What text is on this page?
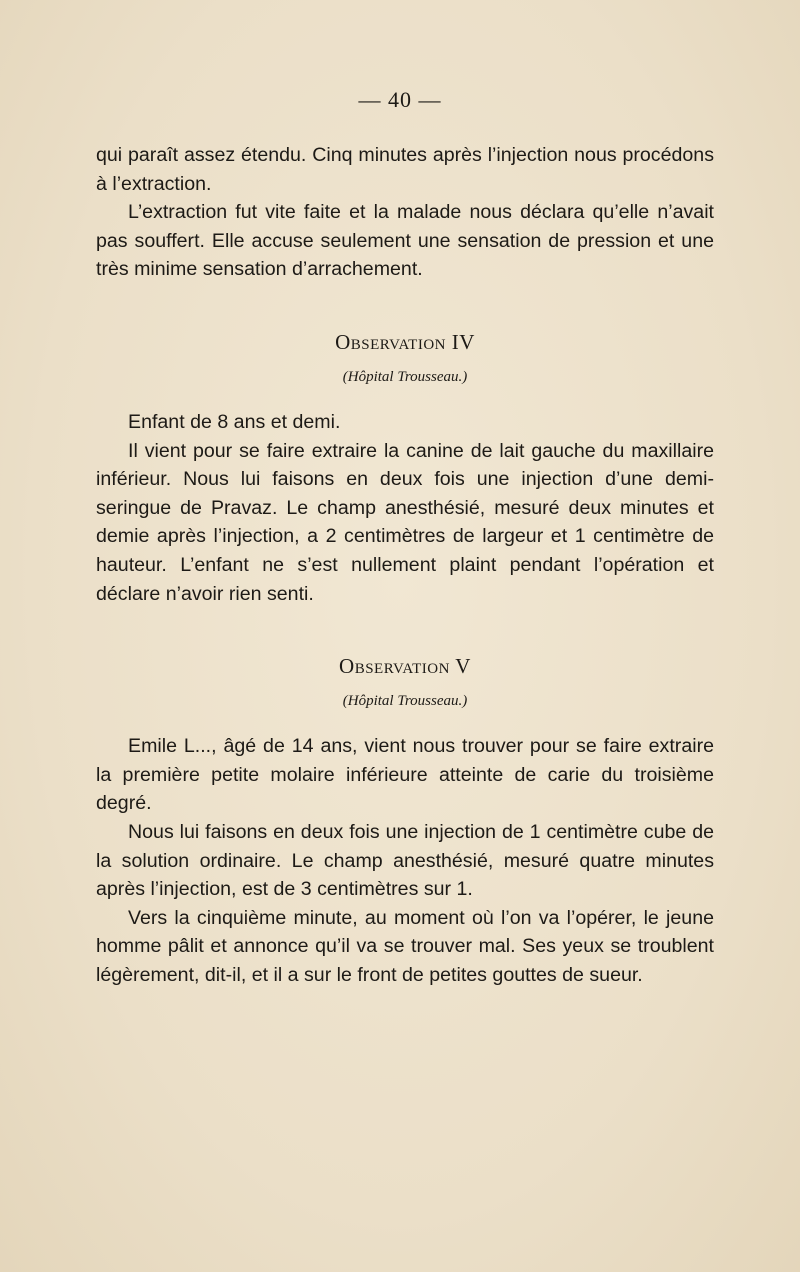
— 40 —

qui paraît assez étendu. Cinq minutes après l’injection nous procédons à l’extraction.

L’extraction fut vite faite et la malade nous déclara qu’elle n’avait pas souffert. Elle accuse seulement une sensation de pression et une très minime sensation d’arrachement.

Observation IV
(Hôpital Trousseau.)

Enfant de 8 ans et demi.

Il vient pour se faire extraire la canine de lait gauche du maxillaire inférieur. Nous lui faisons en deux fois une injection d’une demi-seringue de Pravaz. Le champ anesthésié, mesuré deux minutes et demie après l’injection, a 2 centimètres de largeur et 1 centimètre de hauteur. L’enfant ne s’est nullement plaint pendant l’opération et déclare n’avoir rien senti.

Observation V
(Hôpital Trousseau.)

Emile L..., âgé de 14 ans, vient nous trouver pour se faire extraire la première petite molaire inférieure atteinte de carie du troisième degré.

Nous lui faisons en deux fois une injection de 1 centimètre cube de la solution ordinaire. Le champ anesthésié, mesuré quatre minutes après l’injection, est de 3 centimètres sur 1.

Vers la cinquième minute, au moment où l’on va l’opérer, le jeune homme pâlit et annonce qu’il va se trouver mal. Ses yeux se troublent légèrement, dit-il, et il a sur le front de petites gouttes de sueur.
